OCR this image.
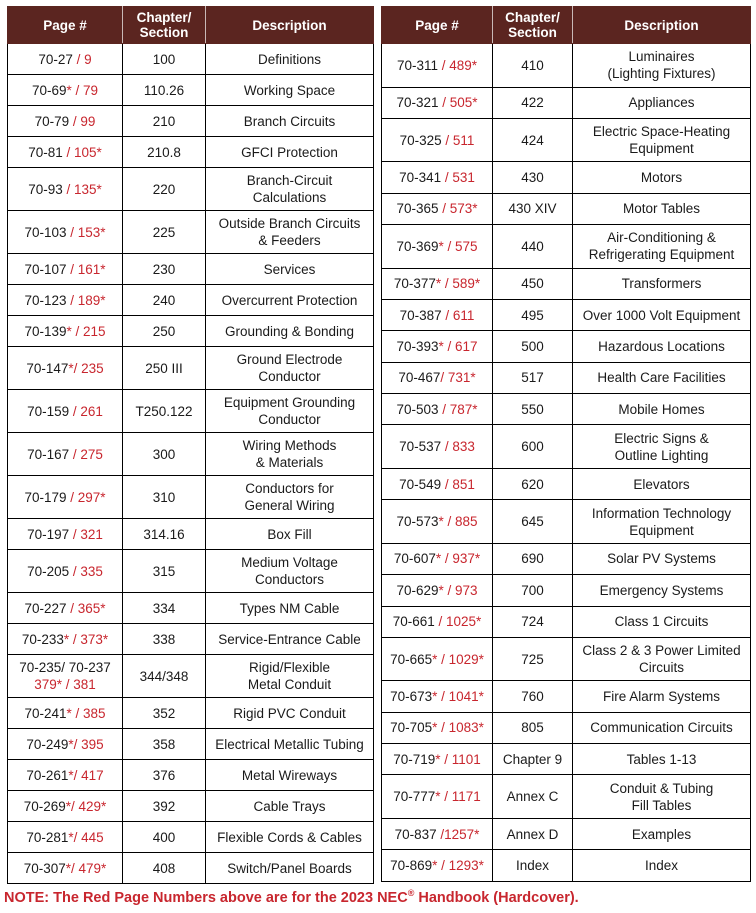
Page #	Chapter/ Section	Description
70-27 / 9	100	Definitions
70-69* / 79	110.26	Working Space
70-79 / 99	210	Branch Circuits
70-81 / 105*	210.8	GFCI Protection
70-93 / 135*	220	Branch-Circuit
Calculations
70-103 / 153*	225	Outside Branch Circuits
& Feeders
70-107 / 161*	230	Services
70-123 / 189*	240	Overcurrent Protection
70-139* / 215	250	Grounding & Bonding
70-147*/ 235	250 III	Ground Electrode
Conductor
70-159 / 261	T250.122	Equipment Grounding
Conductor
70-167 / 275	300	Wiring Methods
& Materials
70-179 / 297*	310	Conductors for
General Wiring
70-197 / 321	314.16	Box Fill
70-205 / 335	315	Medium Voltage
Conductors
70-227 / 365*	334	Types NM Cable
70-233* / 373*	338	Service-Entrance Cable
70-235/ 70-237
379* / 381	344/348	Rigid/Flexible
Metal Conduit
70-241* / 385	352	Rigid PVC Conduit
70-249*/ 395	358	Electrical Metallic Tubing
70-261*/ 417	376	Metal Wireways
70-269*/ 429*	392	Cable Trays
70-281*/ 445	400	Flexible Cords & Cables
70-307*/ 479*	408	Switch/Panel Boards
Page #	Chapter/ Section	Description
70-311 / 489*	410	Luminaires
(Lighting Fixtures)
70-321 / 505*	422	Appliances
70-325 / 511	424	Electric Space-Heating
Equipment
70-341 / 531	430	Motors
70-365 / 573*	430 XIV	Motor Tables
70-369* / 575	440	Air-Conditioning &
Refrigerating Equipment
70-377* / 589*	450	Transformers
70-387 / 611	495	Over 1000 Volt Equipment
70-393* / 617	500	Hazardous Locations
70-467/ 731*	517	Health Care Facilities
70-503 / 787*	550	Mobile Homes
70-537 / 833	600	Electric Signs &
Outline Lighting
70-549 / 851	620	Elevators
70-573* / 885	645	Information Technology
Equipment
70-607* / 937*	690	Solar PV Systems
70-629* / 973	700	Emergency Systems
70-661 / 1025*	724	Class 1 Circuits
70-665* / 1029*	725	Class 2 & 3 Power Limited
Circuits
70-673* / 1041*	760	Fire Alarm Systems
70-705* / 1083*	805	Communication Circuits
70-719* / 1101	Chapter 9	Tables 1-13
70-777* / 1171	Annex C	Conduit & Tubing
Fill Tables
70-837 /1257*	Annex D	Examples
70-869* / 1293*	Index	Index
NOTE: The Red Page Numbers above are for the 2023 NEC® Handbook (Hardcover).
